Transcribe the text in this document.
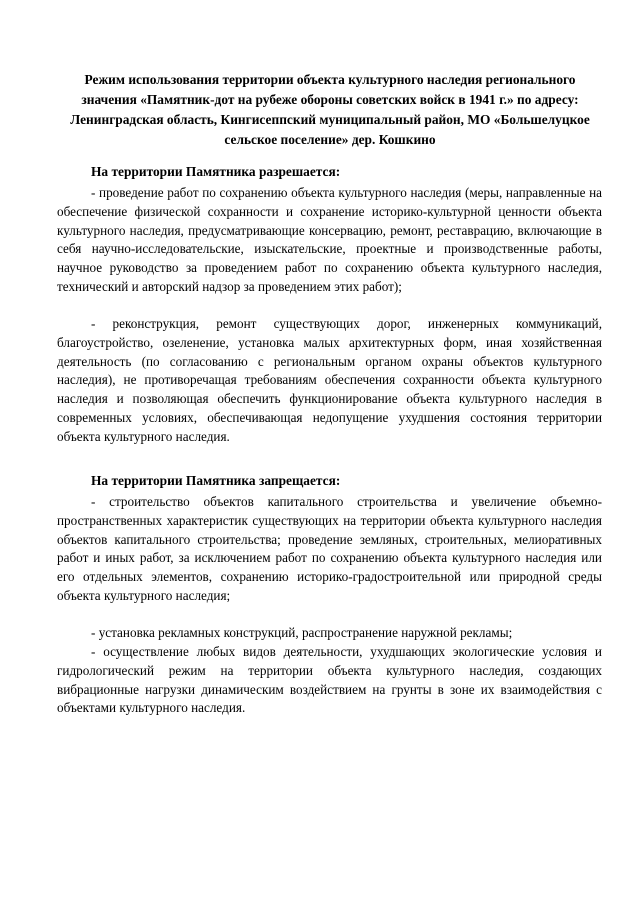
Режим использования территории объекта культурного наследия регионального значения «Памятник-дот на рубеже обороны советских войск в 1941 г.» по адресу: Ленинградская область, Кингисеппский муниципальный район, МО «Большелуцкое сельское поселение» дер. Кошкино
На территории Памятника разрешается:

- проведение работ по сохранению объекта культурного наследия (меры, направленные на обеспечение физической сохранности и сохранение историко-культурной ценности объекта культурного наследия, предусматривающие консервацию, ремонт, реставрацию, включающие в себя научно-исследовательские, изыскательские, проектные и производственные работы, научное руководство за проведением работ по сохранению объекта культурного наследия, технический и авторский надзор за проведением этих работ);

- реконструкция, ремонт существующих дорог, инженерных коммуникаций, благоустройство, озеленение, установка малых архитектурных форм, иная хозяйственная деятельность (по согласованию с региональным органом охраны объектов культурного наследия), не противоречащая требованиям обеспечения сохранности объекта культурного наследия и позволяющая обеспечить функционирование объекта культурного наследия в современных условиях, обеспечивающая недопущение ухудшения состояния территории объекта культурного наследия.

На территории Памятника запрещается:

- строительство объектов капитального строительства и увеличение объемно-пространственных характеристик существующих на территории объекта культурного наследия объектов капитального строительства; проведение земляных, строительных, мелиоративных работ и иных работ, за исключением работ по сохранению объекта культурного наследия или его отдельных элементов, сохранению историко-градостроительной или природной среды объекта культурного наследия;

- установка рекламных конструкций, распространение наружной рекламы;

- осуществление любых видов деятельности, ухудшающих экологические условия и гидрологический режим на территории объекта культурного наследия, создающих вибрационные нагрузки динамическим воздействием на грунты в зоне их взаимодействия с объектами культурного наследия.
